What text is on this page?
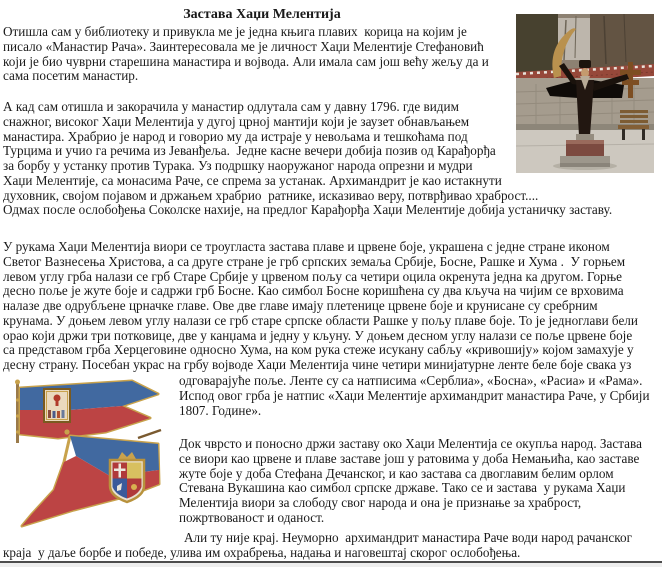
Застава Хаџи Мелентија
Отишла сам у библиотеку и привукла ме је једна књига плавих  корица на којим је
писало «Манастир Рача». Заинтересовала ме је личност Хаџи Мелентије Стефановић
који је био чуврни старешина манастира и војвода. Али имала сам још већу жељу да и
сама посетим манастир.
А кад сам отишла и закорачила у манастир одлутала сам у давну 1796. где видим
снажног, високог Хаџи Мелентија у дугој црној мантији који је заузет обнављањем
манастира. Храбрио је народ и говорио му да истраје у невољама и тешкоћама под
Турцима и учио га речима из Јеванђеља.  Једне касне вечери добија позив од Карађорђа
за борбу у устанку против Турака. Уз подршку наоружаног народа опрезни и мудри
Хаџи Мелентије, са монасима Раче, се спрема за устанак. Архимандрит је као истакнути
духовник, својом појавом и држањем храбрио  ратнике, исказивао веру, потврђивао храброст....
Одмах после ослобођења Соколске нахије, на предлог Карађорђа Хаџи Мелентије добија устаничку заставу.
У рукама Хаџи Мелентија виори се троугласта застава плаве и црвене боје, украшена с једне стране иконом
Светог Вазнесења Христова, а са друге стране је грб српских земаља Србије, Босне, Рашке и Хума .  У горњем
левом углу грба налази се грб Старе Србије у црвеном пољу са четири оцила окренута једна ка другом. Горње
десно поље је жуте боје и садржи грб Босне. Као симбол Босне коришћена су два кључа на чијим се врховима
налазе две одрубљене црначке главе. Ове две главе имају плетенице црвене боје и крунисане су сребрним
крунама. У доњем левом углу налази се грб старе српске области Рашке у пољу плаве боје. То је једноглави бели
орао који држи три потковице, две у канџама и једну у кљуну. У доњем десном углу налази се поље црвене боје
са представом грба Херцеговине односно Хума, на ком рука стеже исукану сабљу «кривошију» којом замахује у
десну страну. Посебан украс на грбу војводе Хаџи Мелентија чине четири минијатурне ленте беле боје свака уз
одговарајуће поље. Ленте су са натписима «Серблиа», «Босна», «Расиа» и «Рама».
Испод овог грба је натпис «Хаџи Мелентије архимандрит манастира Раче, у Србији
1807. Године».
Док чврсто и поносно држи заставу око Хаџи Мелентија се окупља народ. Застава
се виори као црвене и плаве заставе још у ратовима у доба Немањића, као заставе
жуте боје у доба Стефана Дечанског, и као застава са двоглавим белим орлом
Стевана Вукашина као симбол српске државе. Тако се и застава  у рукама Хаџи
Мелентија виори за слободу свог народа и она је признање за храброст,
пожртвованост и оданост.
Али ту није крај. Неуморно  архимандрит манастира Раче води народ рачанског
краја  у даље борбе и победе, улива им охрабрења, надања и наговештај скорог ослобођења.
